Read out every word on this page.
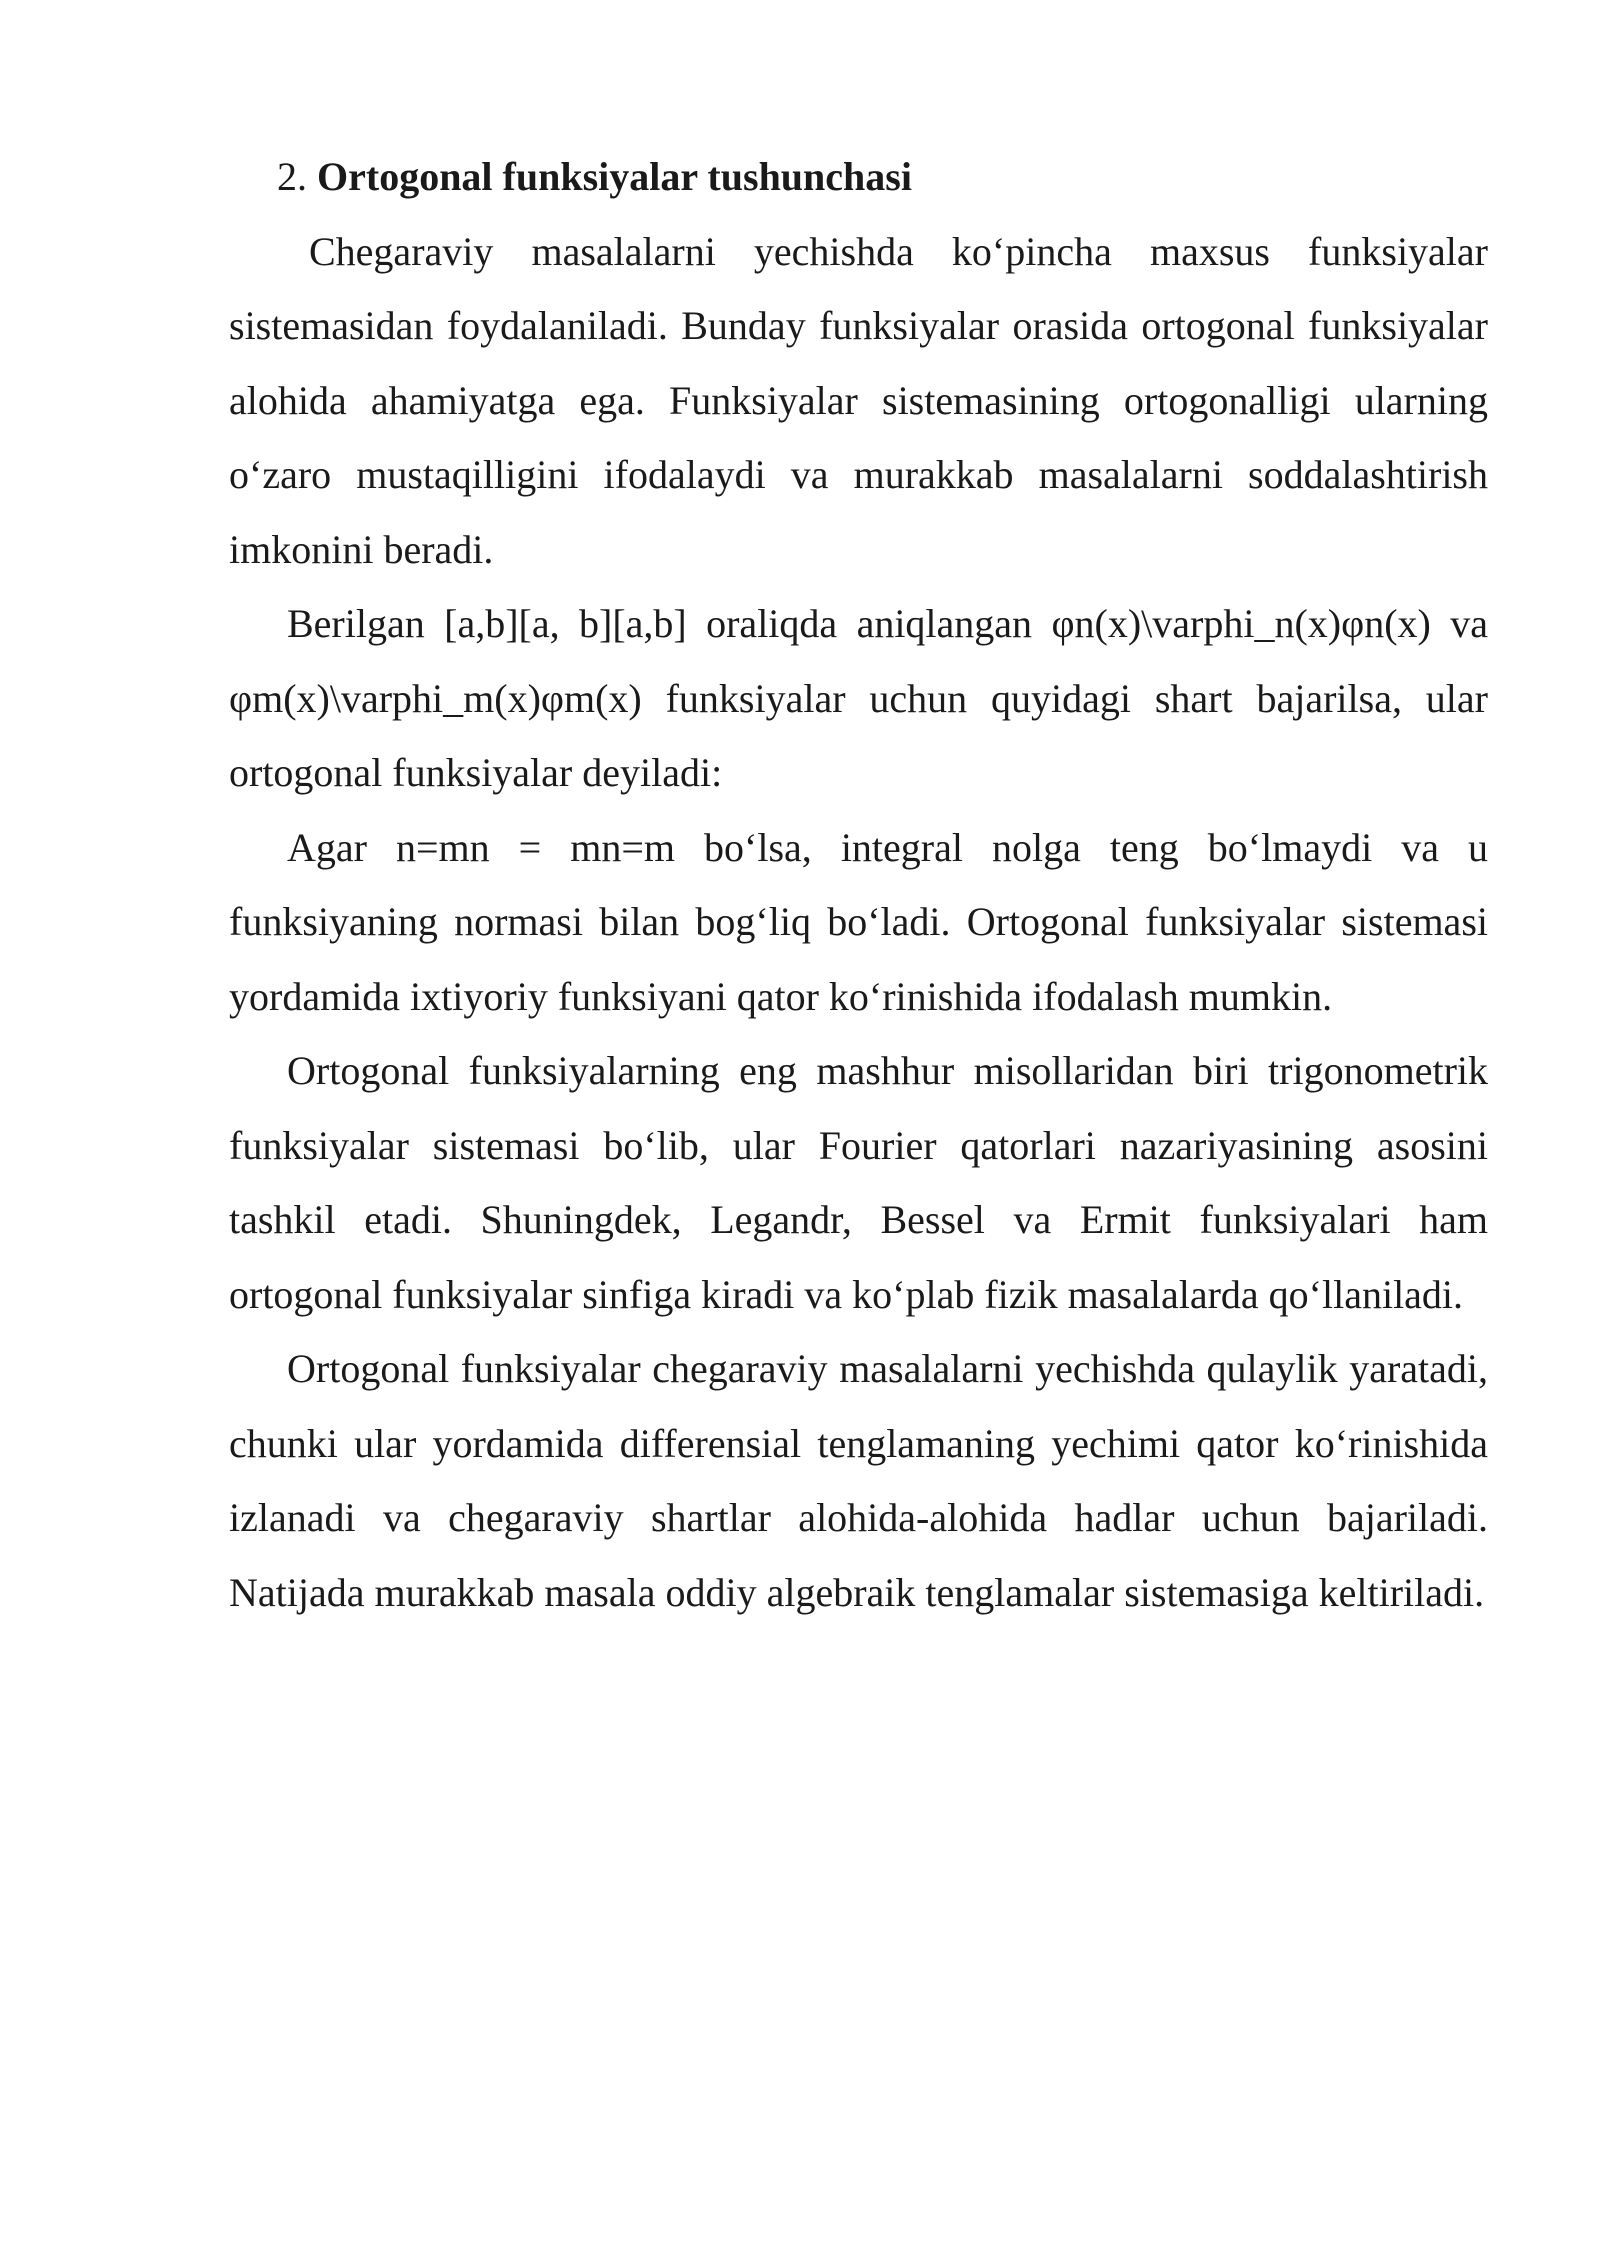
2. Ortogonal funksiyalar tushunchasi

Chegaraviy masalalarni yechishda ko‘pincha maxsus funksiyalar sistemasidan foydalaniladi. Bunday funksiyalar orasida ortogonal funksiyalar alohida ahamiyatga ega. Funksiyalar sistemasining ortogonalligi ularning o‘zaro mustaqilligini ifodalaydi va murakkab masalalarni soddalashtirish imkonini beradi.

Berilgan [a,b][a, b][a,b] oraliqda aniqlangan φn(x)\varphi_n(x)φn(x) va φm(x)\varphi_m(x)φm(x) funksiyalar uchun quyidagi shart bajarilsa, ular ortogonal funksiyalar deyiladi:

Agar n=mn = mn=m bo‘lsa, integral nolga teng bo‘lmaydi va u funksiyaning normasi bilan bog‘liq bo‘ladi. Ortogonal funksiyalar sistemasi yordamida ixtiyoriy funksiyani qator ko‘rinishida ifodalash mumkin.

Ortogonal funksiyalarning eng mashhur misollaridan biri trigonometrik funksiyalar sistemasi bo‘lib, ular Fourier qatorlari nazariyasining asosini tashkil etadi. Shuningdek, Legandr, Bessel va Ermit funksiyalari ham ortogonal funksiyalar sinfiga kiradi va ko‘plab fizik masalalarda qo‘llaniladi.

Ortogonal funksiyalar chegaraviy masalalarni yechishda qulaylik yaratadi, chunki ular yordamida differensial tenglamaning yechimi qator ko‘rinishida izlanadi va chegaraviy shartlar alohida-alohida hadlar uchun bajariladi. Natijada murakkab masala oddiy algebraik tenglamalar sistemasiga keltiriladi.
